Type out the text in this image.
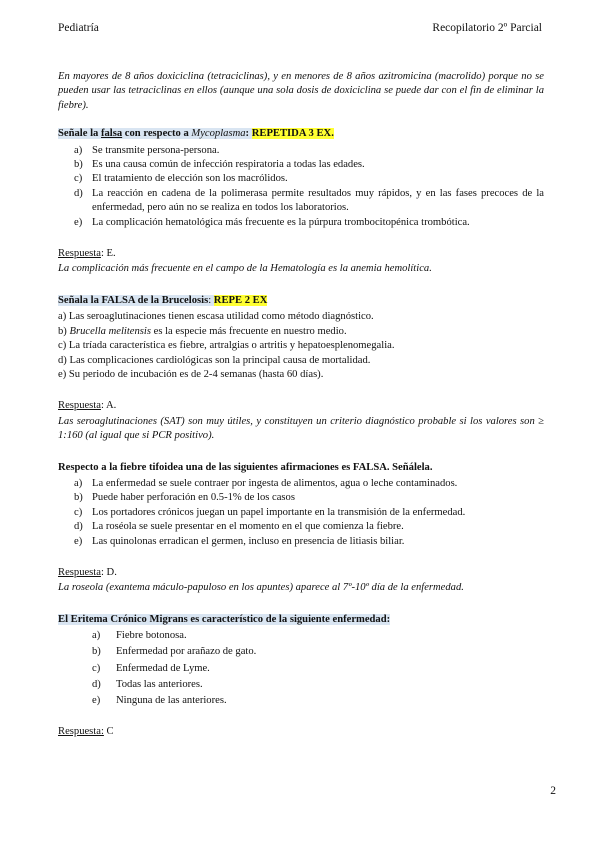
Pediatría	Recopilatorio 2º Parcial

En mayores de 8 años doxiciclina (tetraciclinas), y en menores de 8 años azitromicina (macrolido) porque no se pueden usar las tetraciclinas en ellos (aunque una sola dosis de doxiciclina se puede dar con el fin de eliminar la fiebre).

Señale la falsa con respecto a Mycoplasma: REPETIDA 3 EX.
a) Se transmite persona-persona.
b) Es una causa común de infección respiratoria a todas las edades.
c) El tratamiento de elección son los macrólidos.
d) La reacción en cadena de la polimerasa permite resultados muy rápidos, y en las fases precoces de la enfermedad, pero aún no se realiza en todos los laboratorios.
e) La complicación hematológica más frecuente es la púrpura trombocitopénica trombótica.

Respuesta: E.

La complicación más frecuente en el campo de la Hematología es la anemia hemolítica.

Señala la FALSA de la Brucelosis: REPE 2 EX
a) Las seroaglutinaciones tienen escasa utilidad como método diagnóstico.
b) Brucella melitensis es la especie más frecuente en nuestro medio.
c) La tríada característica es fiebre, artralgias o artritis y hepatoesplenomegalia.
d) Las complicaciones cardiológicas son la principal causa de mortalidad.
e) Su periodo de incubación es de 2-4 semanas (hasta 60 días).

Respuesta: A.

Las seroaglutinaciones (SAT) son muy útiles, y constituyen un criterio diagnóstico probable si los valores son ≥ 1:160 (al igual que si PCR positivo).

Respecto a la fiebre tifoidea una de las siguientes afirmaciones es FALSA. Señálela.
a) La enfermedad se suele contraer por ingesta de alimentos, agua o leche contaminados.
b) Puede haber perforación en 0.5-1% de los casos
c) Los portadores crónicos juegan un papel importante en la transmisión de la enfermedad.
d) La roséola se suele presentar en el momento en el que comienza la fiebre.
e) Las quinolonas erradican el germen, incluso en presencia de litiasis biliar.

Respuesta: D.

La roseola (exantema máculo-papuloso en los apuntes) aparece al 7º-10º día de la enfermedad.

El Eritema Crónico Migrans es característico de la siguiente enfermedad:
a)	Fiebre botonosa.
b)	Enfermedad por arañazo de gato.
c)	Enfermedad de Lyme.
d)	Todas las anteriores.
e)	Ninguna de las anteriores.

Respuesta: C

2
